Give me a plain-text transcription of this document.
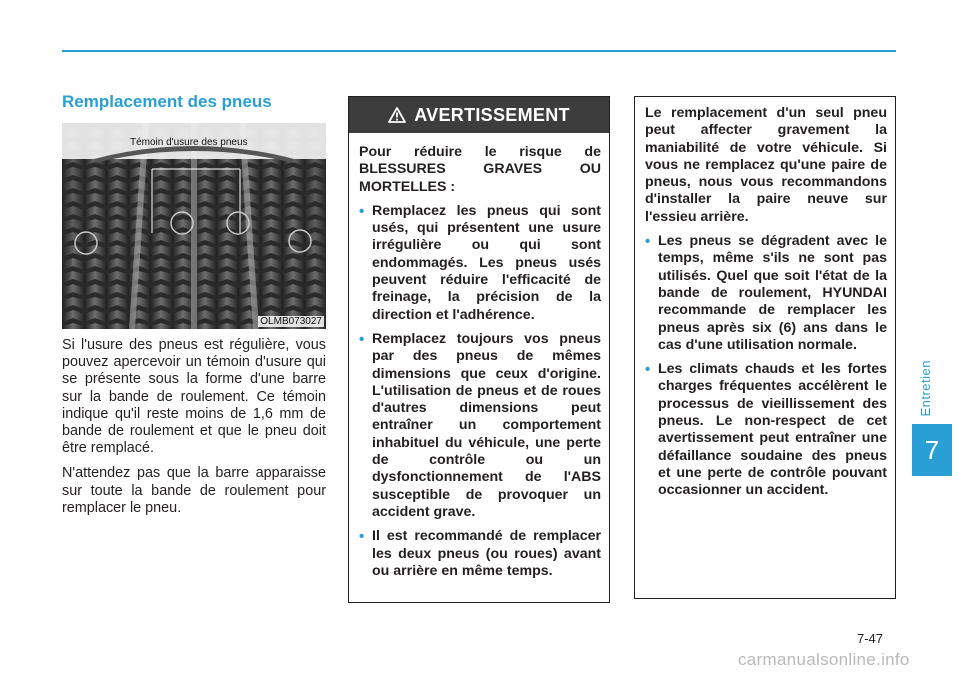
Entretien
7
Remplacement des pneus
Témoin d'usure des pneus
OLMB073027

Si l'usure des pneus est régulière, vous pouvez apercevoir un témoin d'usure qui se présente sous la forme d'une barre sur la bande de roulement. Ce témoin indique qu'il reste moins de 1,6 mm de bande de roulement et que le pneu doit être remplacé.

N'attendez pas que la barre apparaisse sur toute la bande de roulement pour remplacer le pneu.

AVERTISSEMENT

Pour réduire le risque de BLESSURES GRAVES OU MORTELLES :

• Remplacez les pneus qui sont usés, qui présentent une usure irrégulière ou qui sont endommagés. Les pneus usés peuvent réduire l'efficacité de freinage, la précision de la direction et l'adhérence.
• Remplacez toujours vos pneus par des pneus de mêmes dimensions que ceux d'origine. L'utilisation de pneus et de roues d'autres dimensions peut entraîner un comportement inhabituel du véhicule, une perte de contrôle ou un dysfonctionnement de l'ABS susceptible de provoquer un accident grave.
• Il est recommandé de remplacer les deux pneus (ou roues) avant ou arrière en même temps.

Le remplacement d'un seul pneu peut affecter gravement la maniabilité de votre véhicule. Si vous ne remplacez qu'une paire de pneus, nous vous recommandons d'installer la paire neuve sur l'essieu arrière.

• Les pneus se dégradent avec le temps, même s'ils ne sont pas utilisés. Quel que soit l'état de la bande de roulement, HYUNDAI recommande de remplacer les pneus après six (6) ans dans le cas d'une utilisation normale.
• Les climats chauds et les fortes charges fréquentes accélèrent le processus de vieillissement des pneus. Le non-respect de cet avertissement peut entraîner une défaillance soudaine des pneus et une perte de contrôle pouvant occasionner un accident.
7-47
carmanualsonline.info
